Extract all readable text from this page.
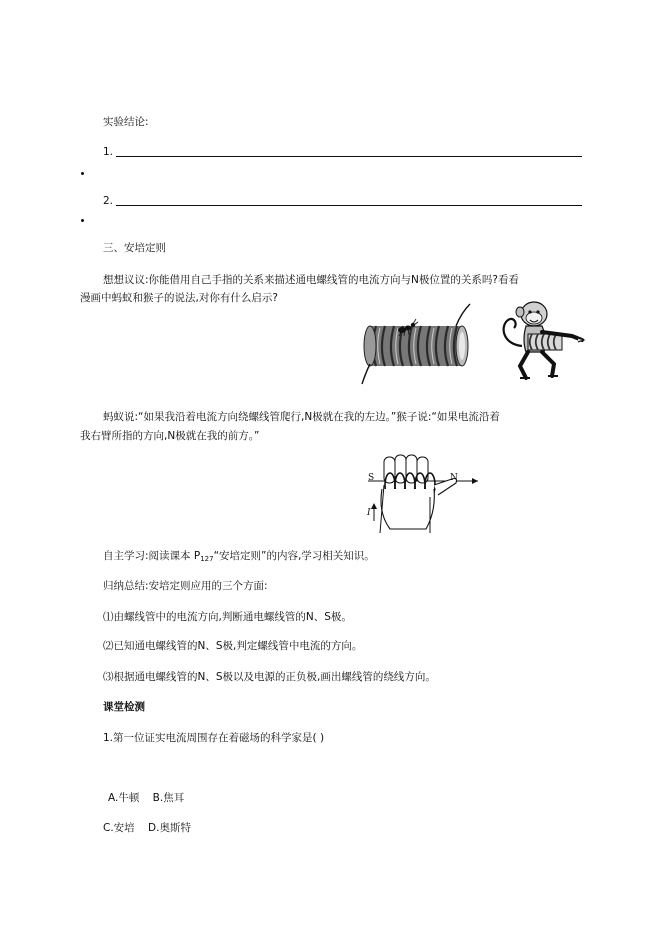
实验结论:
1.
2.
三、安培定则
想想议议:你能借用自己手指的关系来描述通电螺线管的电流方向与N极位置的关系吗?看看
漫画中蚂蚁和猴子的说法,对你有什么启示?
蚂蚁说:“如果我沿着电流方向绕螺线管爬行,N极就在我的左边。”猴子说:“如果电流沿着
我右臂所指的方向,N极就在我的前方。”
S	N
I
自主学习:阅读课本 $P_{127}“$安培定则”的内容,学习相关知识。
归纳总结:安培定则应用的三个方面:
⑴由螺线管中的电流方向,判断通电螺线管的N、S极。
⑵已知通电螺线管的N、S极,判定螺线管中电流的方向。
⑶根据通电螺线管的N、S极以及电源的正负极,画出螺线管的绕线方向。
课堂检测
1.第一位证实电流周围存在着磁场的科学家是( )
A.牛顿    B.焦耳
C.安培    D.奥斯特
